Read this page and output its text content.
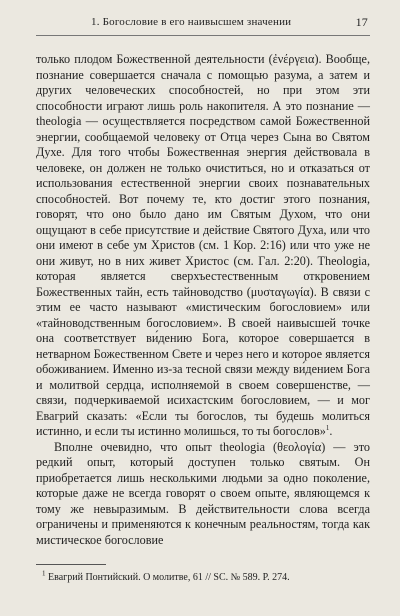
1. Богословие в его наивысшем значении	17

только плодом Божественной деятельности (ἐνέργεια). Вообще, познание совершается сначала с помощью разума, а затем и других человеческих способностей, но при этом эти способности играют лишь роль накопителя. А это познание — theologia — осуществляется посредством самой Божественной энергии, сообщаемой человеку от Отца через Сына во Святом Духе. Для того чтобы Божественная энергия действовала в человеке, он должен не только очиститься, но и отказаться от использования естественной энергии своих познавательных способностей. Вот почему те, кто достиг этого познания, говорят, что оно было дано им Святым Духом, что они ощущают в себе присутствие и действие Святого Духа, или что они имеют в себе ум Христов (см. 1 Кор. 2:16) или что уже не они живут, но в них живет Христос (см. Гал. 2:20). Theologia, которая является сверхъестественным откровением Божественных тайн, есть тайноводство (μυσταγωγία). В связи с этим ее часто называют «мистическим богословием» или «тайноводственным богословием». В своей наивысшей точке она соответствует ви́дению Бога, которое совершается в нетварном Божественном Свете и через него и которое является обоживанием. Именно из-за тесной связи между ви́дением Бога и молитвой сердца, исполняемой в своем совершенстве, — связи, подчеркиваемой исихастским богословием, — и мог Евагрий сказать: «Если ты богослов, ты будешь молиться истинно, и если ты истинно молишься, то ты богослов»$^1$.

Вполне очевидно, что опыт theologia (θεολογία) — это редкий опыт, который доступен только святым. Он приобретается лишь несколькими людьми за одно поколение, которые даже не всегда говорят о своем опыте, являющемся к тому же невыразимым. В действительности слова всегда ограничены и применяются к конечным реальностям, тогда как мистическое богословие

$^1$ Евагрий Понтийский. О молитве, 61 // SC. № 589. P. 274.
